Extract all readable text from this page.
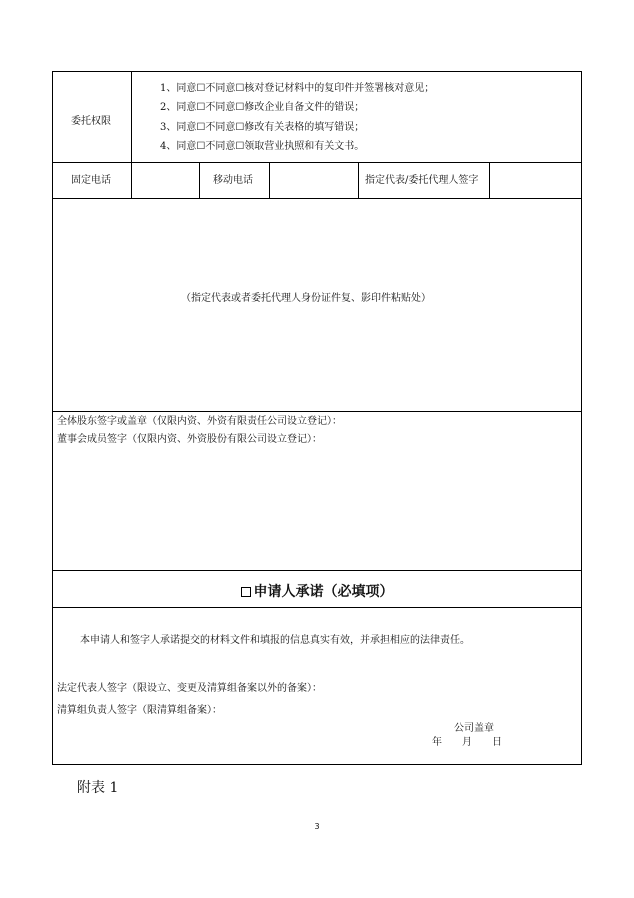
委托权限
1、同意☐不同意☐核对登记材料中的复印件并签署核对意见；
2、同意☐不同意☐修改企业自备文件的错误；
3、同意☐不同意☐修改有关表格的填写错误；
4、同意☐不同意☐领取营业执照和有关文书。
固定电话	移动电话	指定代表/委托代理人签字
（指定代表或者委托代理人身份证件复、影印件粘贴处）
全体股东签字或盖章（仅限内资、外资有限责任公司设立登记）：
董事会成员签字（仅限内资、外资股份有限公司设立登记）：
申请人承诺（必填项）
本申请人和签字人承诺提交的材料文件和填报的信息真实有效，并承担相应的法律责任。
法定代表人签字（限设立、变更及清算组备案以外的备案）：
清算组负责人签字（限清算组备案）：
公司盖章
年　　月　　日
附表 1
3
